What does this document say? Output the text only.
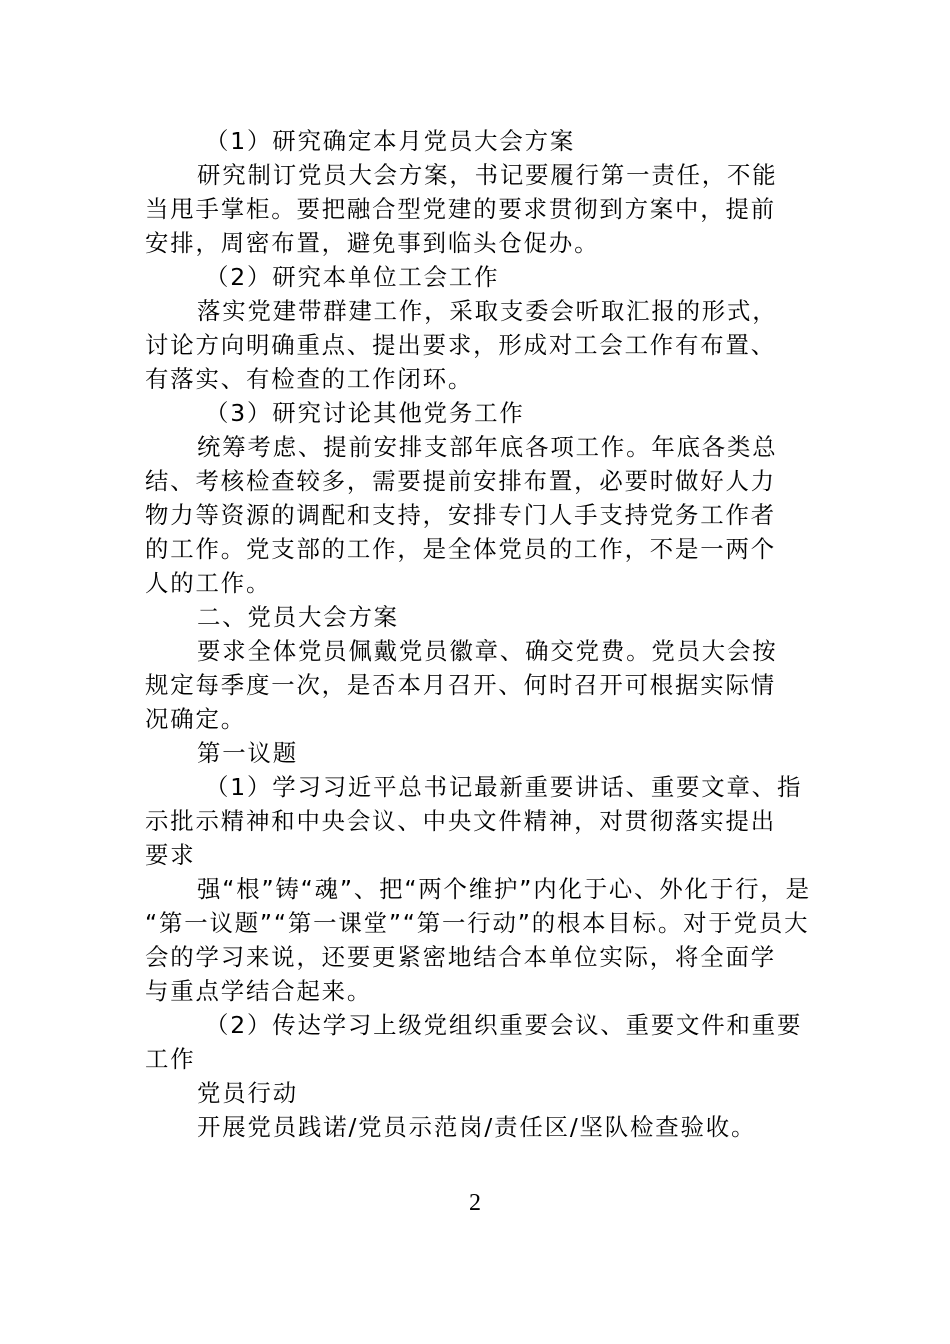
（1）研究确定本月党员大会方案
研究制订党员大会方案，书记要履行第一责任，不能
当甩手掌柜。要把融合型党建的要求贯彻到方案中，提前
安排，周密布置，避免事到临头仓促办。
（2）研究本单位工会工作
落实党建带群建工作，采取支委会听取汇报的形式，
讨论方向明确重点、提出要求，形成对工会工作有布置、
有落实、有检查的工作闭环。
（3）研究讨论其他党务工作
统筹考虑、提前安排支部年底各项工作。年底各类总
结、考核检查较多，需要提前安排布置，必要时做好人力
物力等资源的调配和支持，安排专门人手支持党务工作者
的工作。党支部的工作，是全体党员的工作，不是一两个
人的工作。
二、党员大会方案
要求全体党员佩戴党员徽章、确交党费。党员大会按
规定每季度一次，是否本月召开、何时召开可根据实际情
况确定。
第一议题
（1）学习习近平总书记最新重要讲话、重要文章、指
示批示精神和中央会议、中央文件精神，对贯彻落实提出
要求
强“根”铸“魂”、把“两个维护”内化于心、外化于行，是
“第一议题”“第一课堂”“第一行动”的根本目标。对于党员大
会的学习来说，还要更紧密地结合本单位实际，将全面学
与重点学结合起来。
（2）传达学习上级党组织重要会议、重要文件和重要
工作
党员行动
开展党员践诺/党员示范岗/责任区/坚队检查验收。
2
